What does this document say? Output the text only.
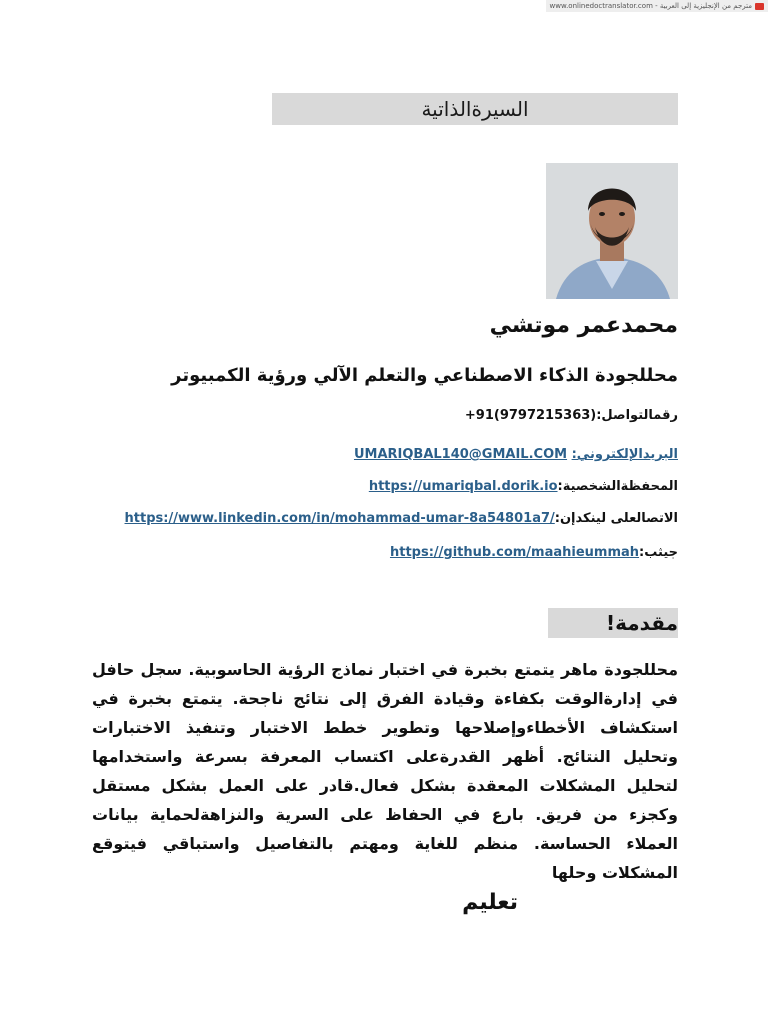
مترجم من الإنجليزية إلى العربية - www.onlinedoctranslator.com
السيرةالذاتية
محمدعمر موتشي
محللجودة الذكاء الاصطناعي والتعلم الآلي ورؤية الكمبيوتر
رقمالتواصل:+91(9797215363)
البريدالإلكتروني: UMARIQBAL140@GMAIL.COM
المحفظةالشخصية:https://umariqbal.dorik.io
الاتصالعلى لينكدإن:https://www.linkedin.com/in/mohammad-umar-8a54801a7/
جيثب:https://github.com/maahieummah
مقدمة!
محللجودة ماهر يتمتع بخبرة في اختبار نماذج الرؤية الحاسوبية. سجل حافل في إدارةالوقت بكفاءة وقيادة الفرق إلى نتائج ناجحة. يتمتع بخبرة في استكشاف الأخطاءوإصلاحها وتطوير خطط الاختبار وتنفيذ الاختبارات وتحليل النتائج. أظهر القدرةعلى اكتساب المعرفة بسرعة واستخدامها لتحليل المشكلات المعقدة بشكل فعال.قادر على العمل بشكل مستقل وكجزء من فريق. بارع في الحفاظ على السرية والنزاهةلحماية بيانات العملاء الحساسة. منظم للغاية ومهتم بالتفاصيل واستباقي فيتوقع المشكلات وحلها
تعليم
